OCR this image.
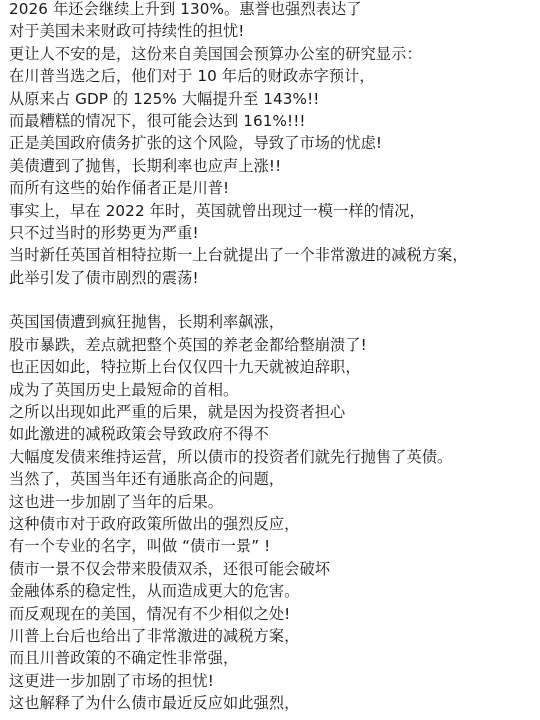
2026 年还会继续上升到 130%。惠誉也强烈表达了
对于美国未来财政可持续性的担忧!
更让人不安的是，这份来自美国国会预算办公室的研究显示：
在川普当选之后，他们对于 10 年后的财政赤字预计，
从原来占 GDP 的 125% 大幅提升至 143%!!
而最糟糕的情况下，很可能会达到 161%!!!
正是美国政府债务扩张的这个风险，导致了市场的忧虑!
美债遭到了抛售，长期利率也应声上涨!!
而所有这些的始作俑者正是川普!
事实上，早在 2022 年时，英国就曾出现过一模一样的情况，
只不过当时的形势更为严重!
当时新任英国首相特拉斯一上台就提出了一个非常激进的减税方案，
此举引发了债市剧烈的震荡!
英国国债遭到疯狂抛售，长期利率飙涨，
股市暴跌，差点就把整个英国的养老金都给整崩溃了!
也正因如此，特拉斯上台仅仅四十九天就被迫辞职，
成为了英国历史上最短命的首相。
之所以出现如此严重的后果，就是因为投资者担心
如此激进的减税政策会导致政府不得不
大幅度发债来维持运营，所以债市的投资者们就先行抛售了英债。
当然了，英国当年还有通胀高企的问题，
这也进一步加剧了当年的后果。
这种债市对于政府政策所做出的强烈反应，
有一个专业的名字，叫做 “债市一景” !
债市一景不仅会带来股债双杀，还很可能会破坏
金融体系的稳定性，从而造成更大的危害。
而反观现在的美国，情况有不少相似之处!
川普上台后也给出了非常激进的减税方案，
而且川普政策的不确定性非常强，
这更进一步加剧了市场的担忧!
这也解释了为什么债市最近反应如此强烈，
